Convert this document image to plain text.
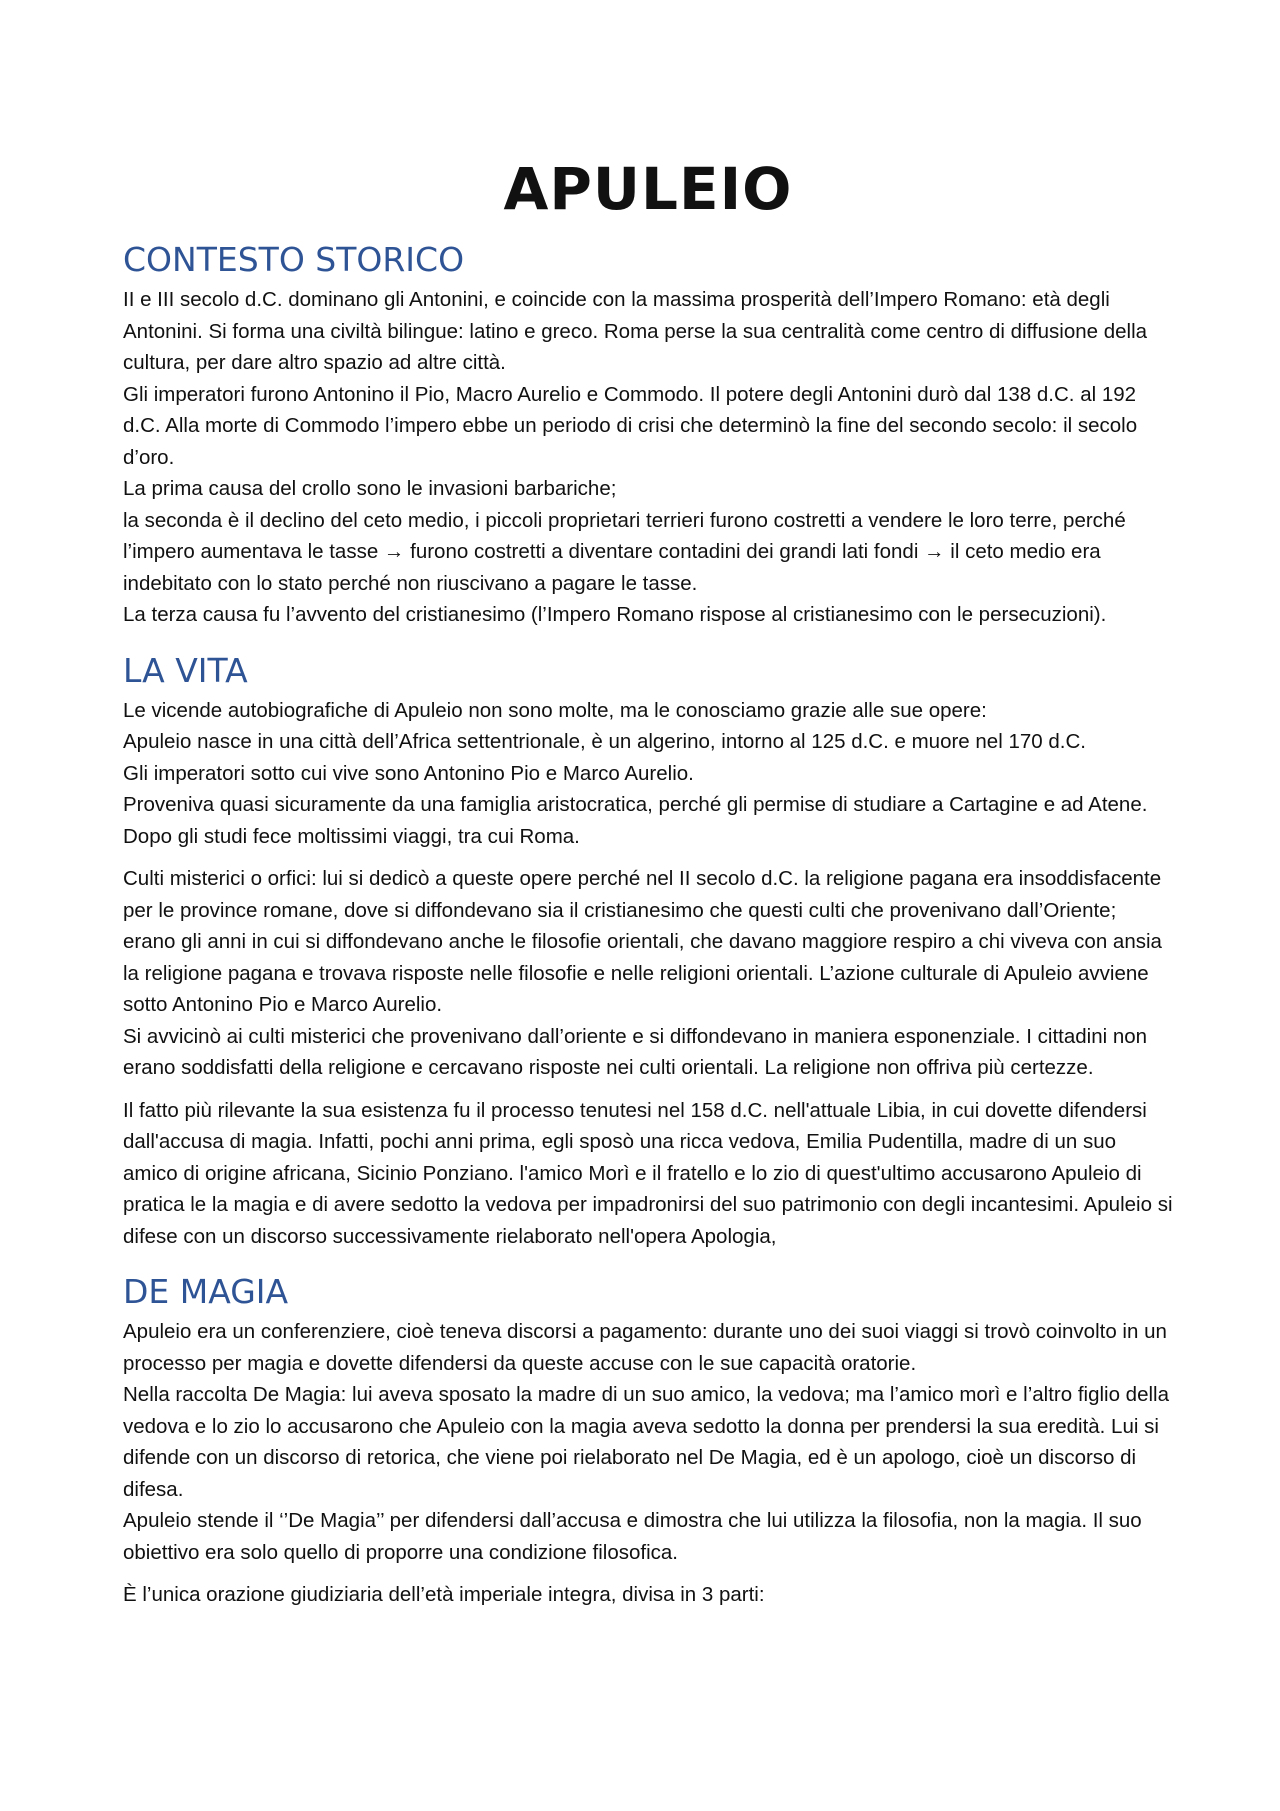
APULEIO
CONTESTO STORICO

II e III secolo d.C. dominano gli Antonini, e coincide con la massima prosperità dell’Impero Romano: età degli Antonini. Si forma una civiltà bilingue: latino e greco. Roma perse la sua centralità come centro di diffusione della cultura, per dare altro spazio ad altre città.

Gli imperatori furono Antonino il Pio, Macro Aurelio e Commodo. Il potere degli Antonini durò dal 138 d.C. al 192 d.C. Alla morte di Commodo l’impero ebbe un periodo di crisi che determinò la fine del secondo secolo: il secolo d’oro.

La prima causa del crollo sono le invasioni barbariche;

la seconda è il declino del ceto medio, i piccoli proprietari terrieri furono costretti a vendere le loro terre, perché l’impero aumentava le tasse → furono costretti a diventare contadini dei grandi lati fondi → il ceto medio era indebitato con lo stato perché non riuscivano a pagare le tasse.

La terza causa fu l’avvento del cristianesimo (l’Impero Romano rispose al cristianesimo con le persecuzioni).

LA VITA

Le vicende autobiografiche di Apuleio non sono molte, ma le conosciamo grazie alle sue opere:

Apuleio nasce in una città dell’Africa settentrionale, è un algerino, intorno al 125 d.C. e muore nel 170 d.C.

Gli imperatori sotto cui vive sono Antonino Pio e Marco Aurelio.

Proveniva quasi sicuramente da una famiglia aristocratica, perché gli permise di studiare a Cartagine e ad Atene. Dopo gli studi fece moltissimi viaggi, tra cui Roma.

Culti misterici o orfici: lui si dedicò a queste opere perché nel II secolo d.C. la religione pagana era insoddisfacente per le province romane, dove si diffondevano sia il cristianesimo che questi culti che provenivano dall’Oriente; erano gli anni in cui si diffondevano anche le filosofie orientali, che davano maggiore respiro a chi viveva con ansia la religione pagana e trovava risposte nelle filosofie e nelle religioni orientali. L’azione culturale di Apuleio avviene sotto Antonino Pio e Marco Aurelio.

Si avvicinò ai culti misterici che provenivano dall’oriente e si diffondevano in maniera esponenziale. I cittadini non erano soddisfatti della religione e cercavano risposte nei culti orientali. La religione non offriva più certezze.

Il fatto più rilevante la sua esistenza fu il processo tenutesi nel 158 d.C. nell'attuale Libia, in cui dovette difendersi dall'accusa di magia. Infatti, pochi anni prima, egli sposò una ricca vedova, Emilia Pudentilla, madre di un suo amico di origine africana, Sicinio Ponziano. l'amico Morì e il fratello e lo zio di quest'ultimo accusarono Apuleio di pratica le la magia e di avere sedotto la vedova per impadronirsi del suo patrimonio con degli incantesimi. Apuleio si difese con un discorso successivamente rielaborato nell'opera Apologia,

DE MAGIA

Apuleio era un conferenziere, cioè teneva discorsi a pagamento: durante uno dei suoi viaggi si trovò coinvolto in un processo per magia e dovette difendersi da queste accuse con le sue capacità oratorie.

Nella raccolta De Magia: lui aveva sposato la madre di un suo amico, la vedova; ma l’amico morì e l’altro figlio della vedova e lo zio lo accusarono che Apuleio con la magia aveva sedotto la donna per prendersi la sua eredità. Lui si difende con un discorso di retorica, che viene poi rielaborato nel De Magia, ed è un apologo, cioè un discorso di difesa.

Apuleio stende il ‘’De Magia’’ per difendersi dall’accusa e dimostra che lui utilizza la filosofia, non la magia. Il suo obiettivo era solo quello di proporre una condizione filosofica.

È l’unica orazione giudiziaria dell’età imperiale integra, divisa in 3 parti:
